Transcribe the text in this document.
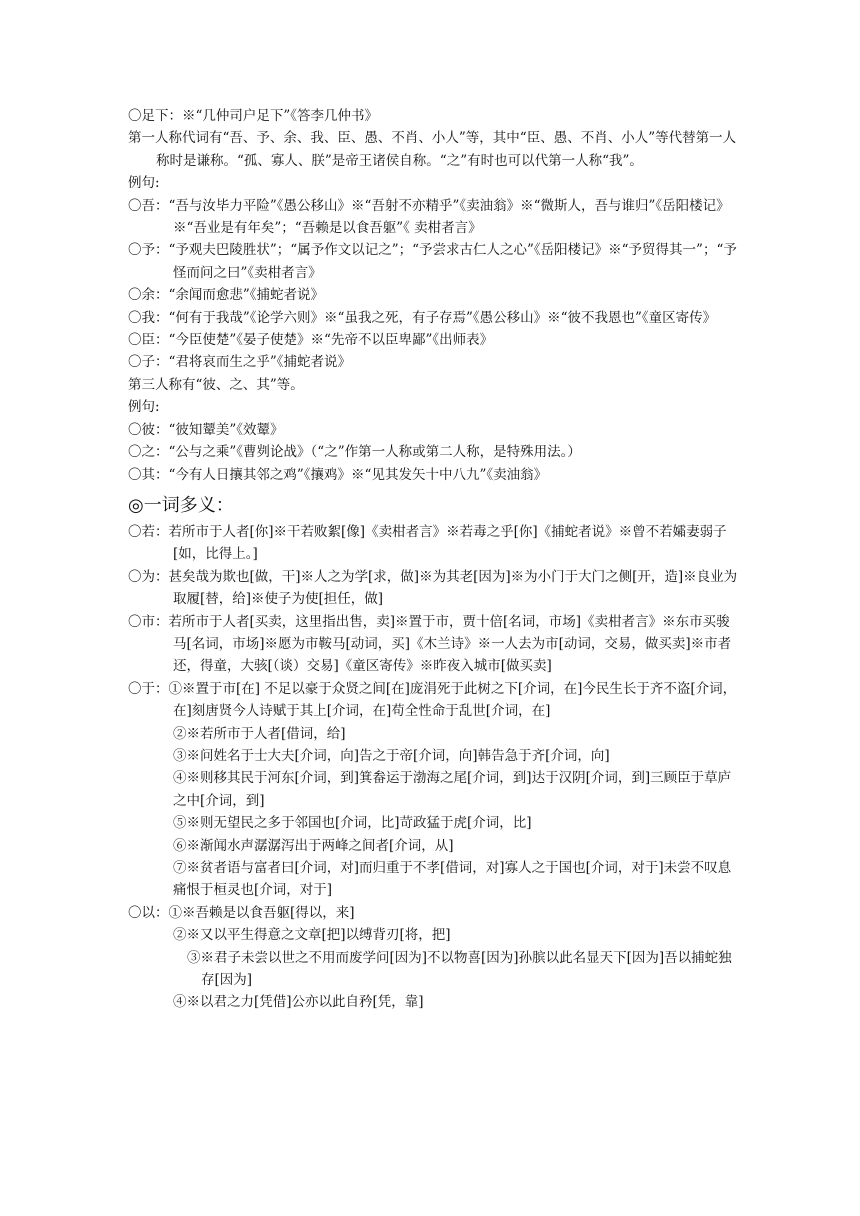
〇足下：※“几仲司户足下”《答李几仲书》
第一人称代词有“吾、予、余、我、臣、愚、不肖、小人”等，其中“臣、愚、不肖、小人”等代替第一人称时是谦称。“孤、寡人、朕”是帝王诸侯自称。“之”有时也可以代第一人称“我”。
例句:
〇吾：“吾与汝毕力平险”《愚公移山》※“吾射不亦精乎”《卖油翁》※“微斯人，吾与谁归”《岳阳楼记》※“吾业是有年矣”；“吾赖是以食吾躯”《 卖柑者言》
〇予：“予观夫巴陵胜状”；“属予作文以记之”；“予尝求古仁人之心”《岳阳楼记》※“予贸得其一”；“予怪而问之曰”《卖柑者言》
〇余：“余闻而愈悲”《捕蛇者说》
〇我：“何有于我哉”《论学六则》※“虽我之死，有子存焉”《愚公移山》※“彼不我恩也”《童区寄传》
〇臣：“今臣使楚”《晏子使楚》※“先帝不以臣卑鄙”《出师表》
〇子：“君将哀而生之乎”《捕蛇者说》
第三人称有“彼、之、其”等。
例句:
〇彼：“彼知颦美”《效颦》
〇之：“公与之乘”《曹刿论战》（“之”作第一人称或第二人称，是特殊用法。）
〇其：“今有人日攘其邻之鸡”《攘鸡》※“见其发矢十中八九”《卖油翁》
◎一词多义：
〇若：若所市于人者[你]※干若败絮[像]《卖柑者言》※若毒之乎[你]《捕蛇者说》※曾不若孀妻弱子[如，比得上。]
〇为：甚矣哉为欺也[做，干]※人之为学[求，做]※为其老[因为]※为小门于大门之侧[开，造]※良业为取履[替，给]※使子为使[担任，做]
〇市：若所市于人者[买卖，这里指出售，卖]※置于市，贾十倍[名词，市场]《卖柑者言》※东市买骏马[名词，市场]※愿为市鞍马[动词，买]《木兰诗》※一人去为市[动词，交易，做买卖]※市者还，得童，大骇[（谈）交易]《童区寄传》※昨夜入城市[做买卖]
〇于：①※置于市[在] 不足以豪于众贤之间[在]庞涓死于此树之下[介词，在]今民生长于齐不盗[介词，在]刻唐贤今人诗赋于其上[介词，在]苟全性命于乱世[介词，在]
②※若所市于人者[借词，给]
③※问姓名于士大夫[介词，向]告之于帝[介词，向]韩告急于齐[介词，向]
④※则移其民于河东[介词，到]箕畚运于渤海之尾[介词，到]达于汉阴[介词，到]三顾臣于草庐之中[介词，到]
⑤※则无望民之多于邻国也[介词，比]苛政猛于虎[介词，比]
⑥※渐闻水声潺潺泻出于两峰之间者[介词，从]
⑦※贫者语与富者曰[介词，对]而归重于不孝[借词，对]寡人之于国也[介词，对于]未尝不叹息痛恨于桓灵也[介词，对于]
〇以：①※吾赖是以食吾躯[得以，来]
②※又以平生得意之文章[把]以缚背刃[将，把]
③※君子未尝以世之不用而废学问[因为]不以物喜[因为]孙膑以此名显天下[因为]吾以捕蛇独存[因为]
④※以君之力[凭借]公亦以此自矜[凭，靠]
